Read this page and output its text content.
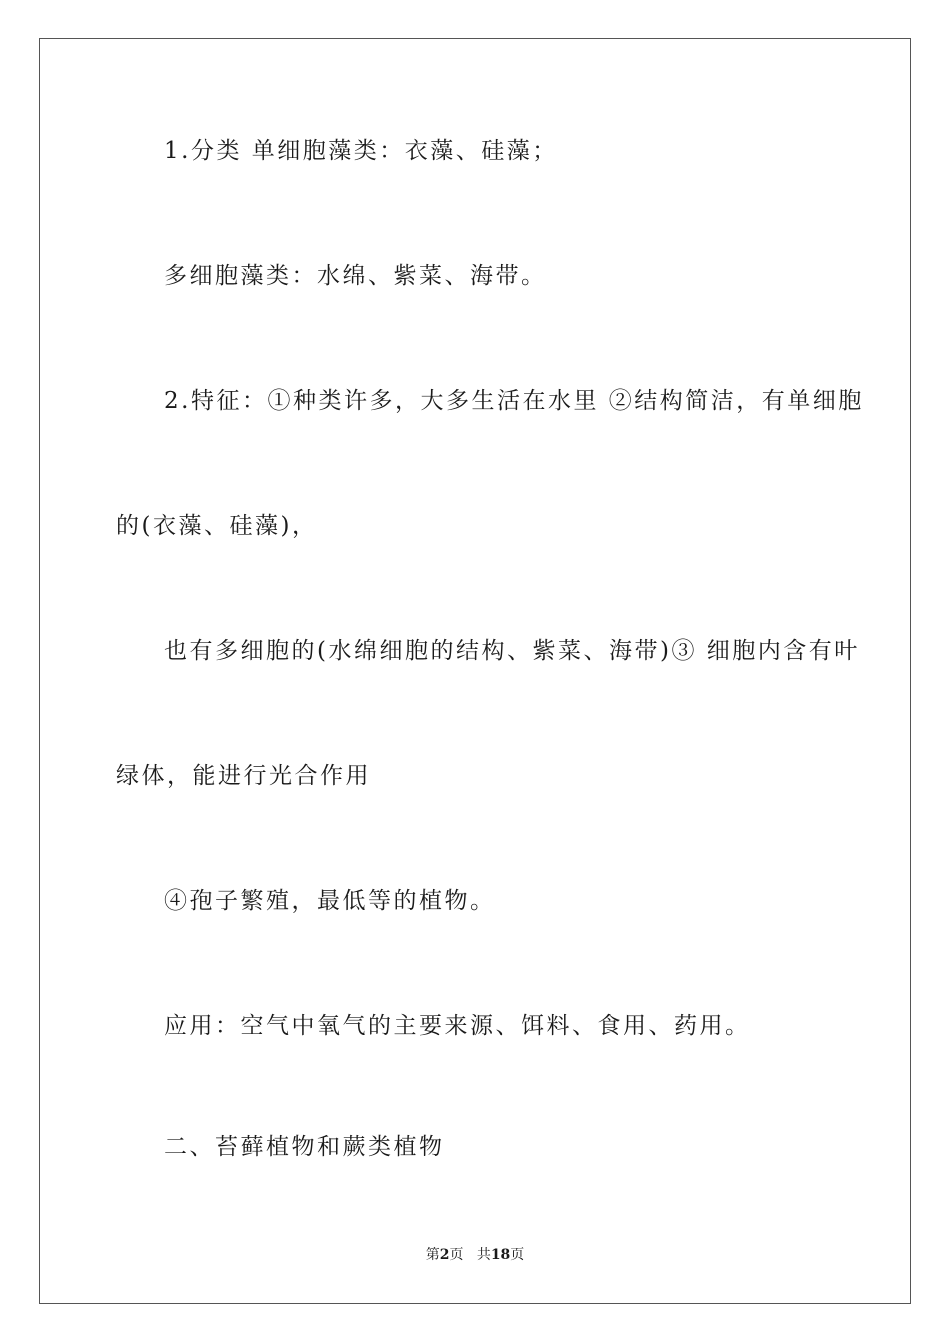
1.分类 单细胞藻类：衣藻、硅藻；
多细胞藻类：水绵、紫菜、海带。
2.特征：①种类许多，大多生活在水里 ②结构简洁，有单细胞
的(衣藻、硅藻)，
也有多细胞的(水绵细胞的结构、紫菜、海带)③ 细胞内含有叶
绿体，能进行光合作用
④孢子繁殖，最低等的植物。
应用：空气中氧气的主要来源、饵料、食用、药用。
二、苔藓植物和蕨类植物
第2页 共18页
